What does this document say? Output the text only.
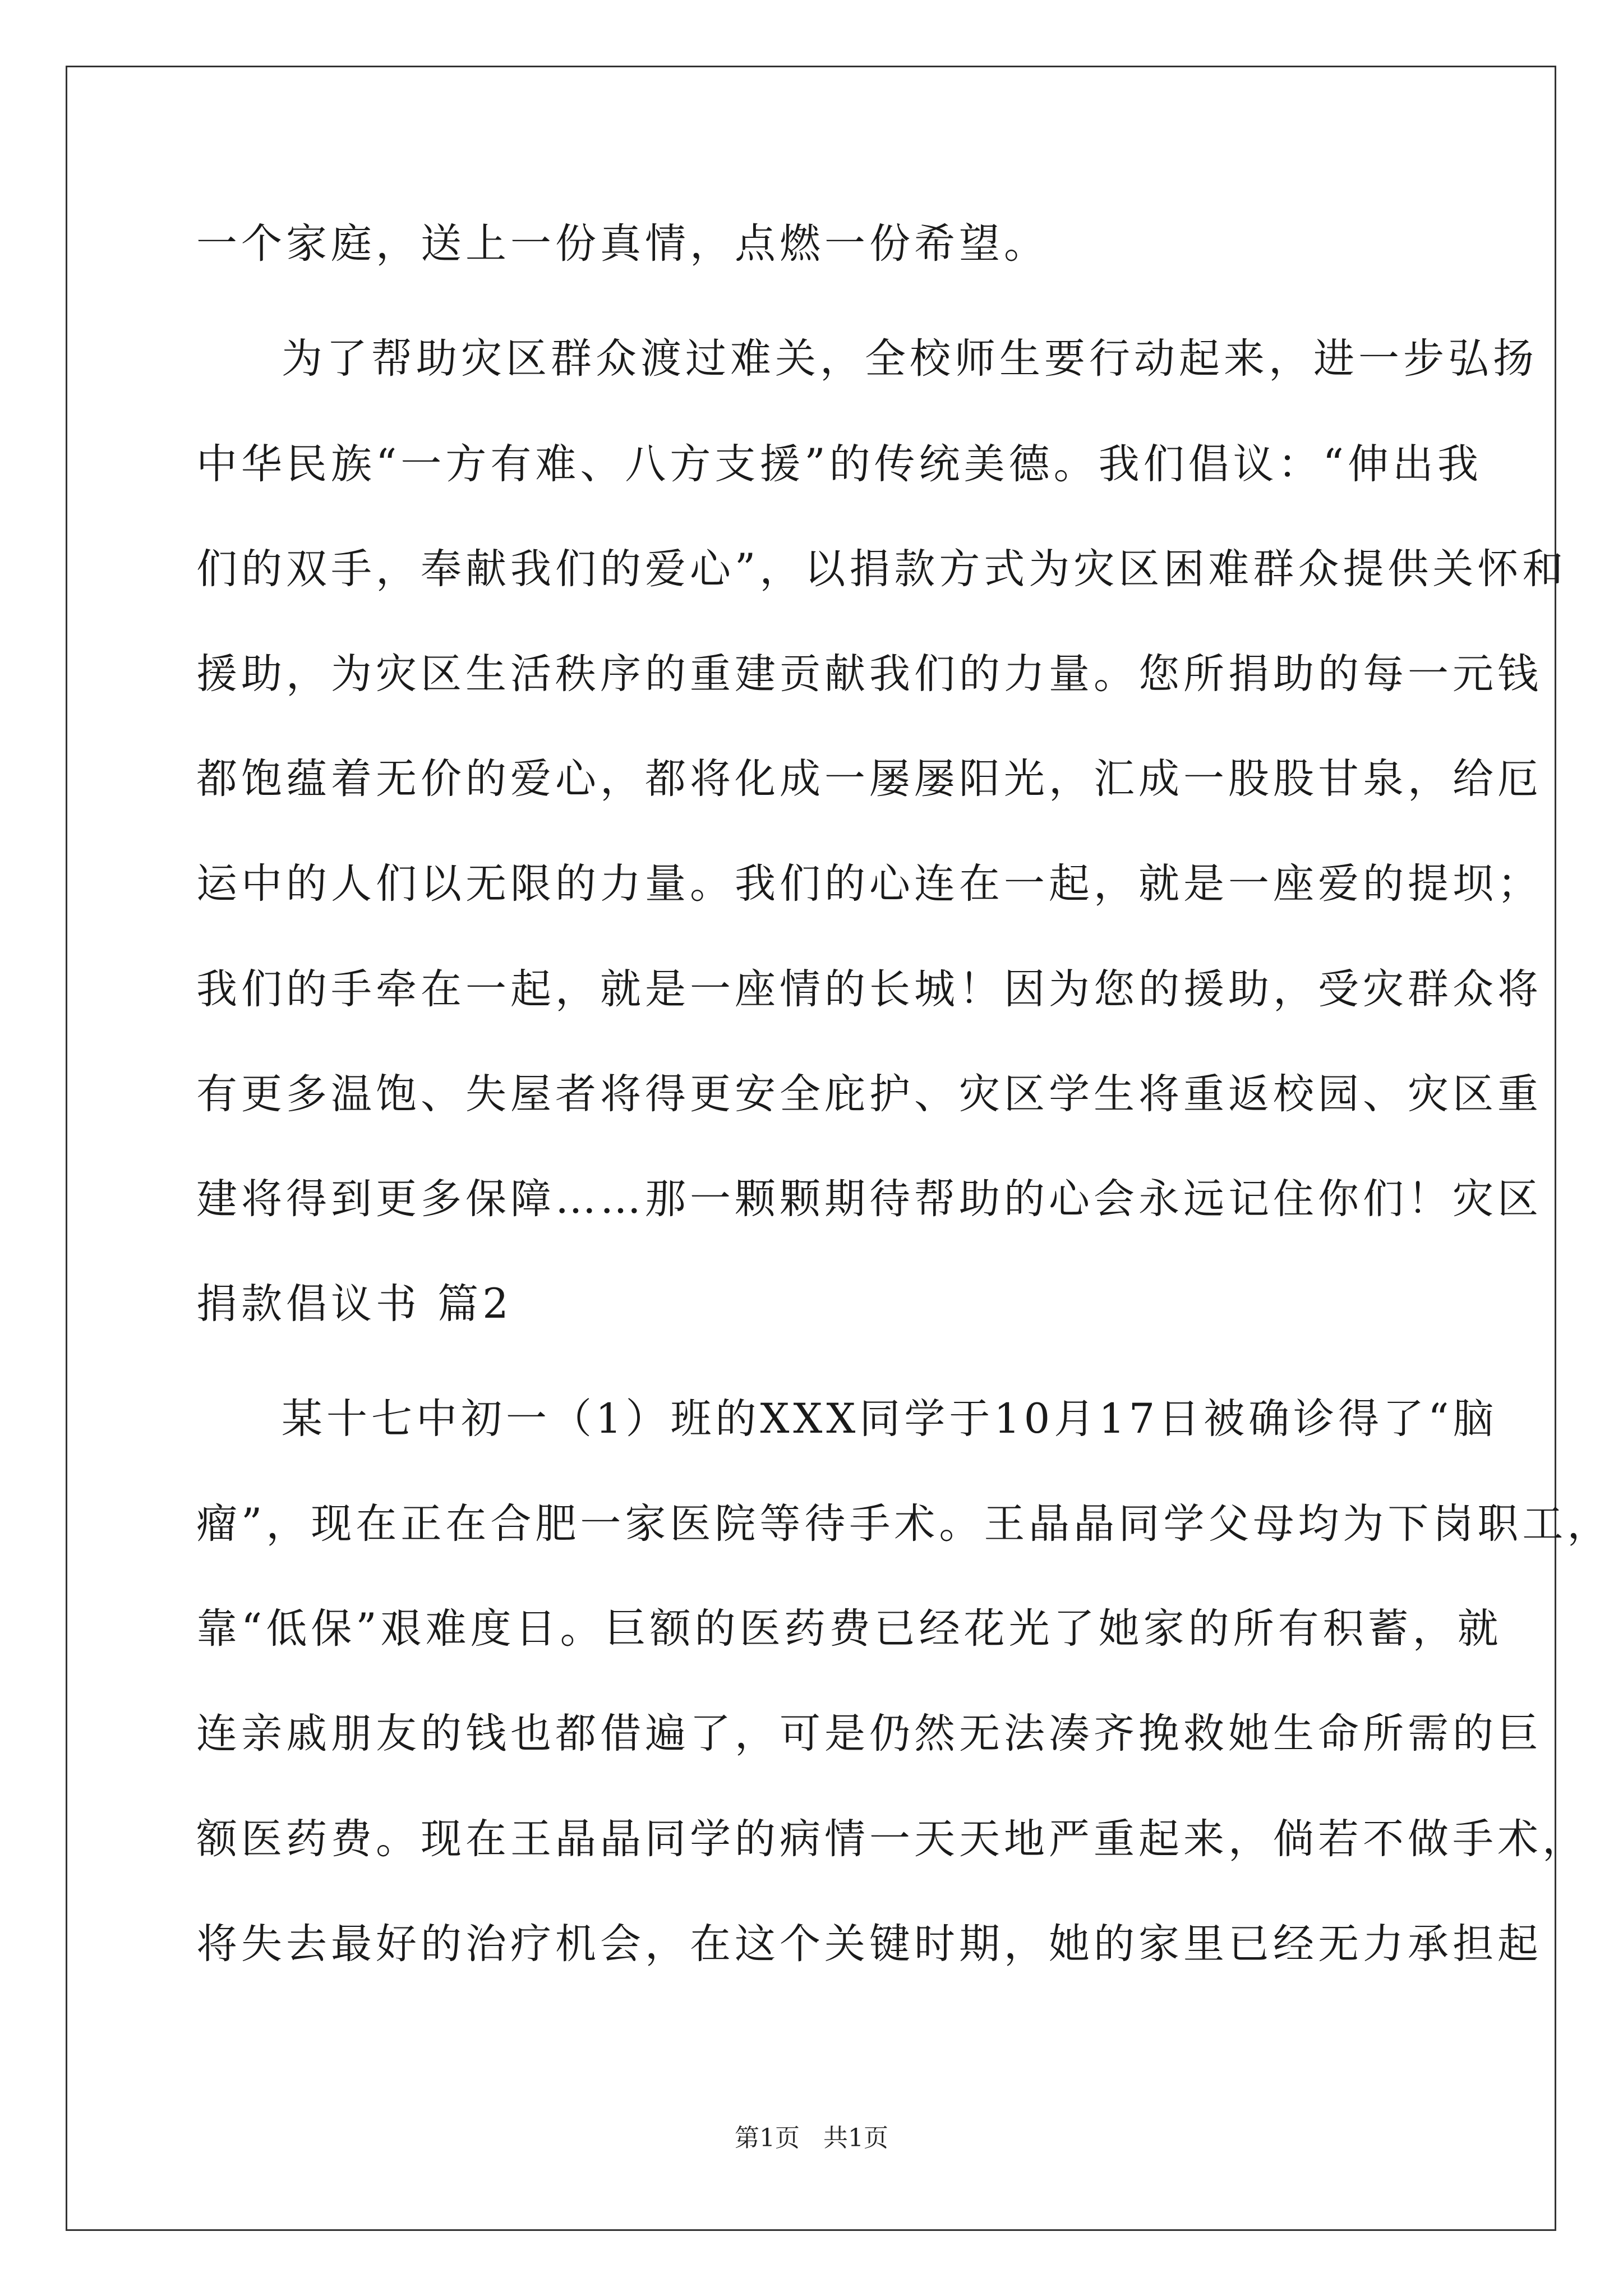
一个家庭，送上一份真情，点燃一份希望。
为了帮助灾区群众渡过难关，全校师生要行动起来，进一步弘扬
中华民族“一方有难、八方支援”的传统美德。我们倡议：“伸出我
们的双手，奉献我们的爱心”，以捐款方式为灾区困难群众提供关怀和
援助，为灾区生活秩序的重建贡献我们的力量。您所捐助的每一元钱
都饱蕴着无价的爱心，都将化成一屡屡阳光，汇成一股股甘泉，给厄
运中的人们以无限的力量。我们的心连在一起，就是一座爱的提坝；
我们的手牵在一起，就是一座情的长城！因为您的援助，受灾群众将
有更多温饱、失屋者将得更安全庇护、灾区学生将重返校园、灾区重
建将得到更多保障……那一颗颗期待帮助的心会永远记住你们！灾区
捐款倡议书 篇2
某十七中初一（1）班的XXX同学于10月17日被确诊得了“脑
瘤”，现在正在合肥一家医院等待手术。王晶晶同学父母均为下岗职工，
靠“低保”艰难度日。巨额的医药费已经花光了她家的所有积蓄，就
连亲戚朋友的钱也都借遍了，可是仍然无法凑齐挽救她生命所需的巨
额医药费。现在王晶晶同学的病情一天天地严重起来，倘若不做手术，
将失去最好的治疗机会，在这个关键时期，她的家里已经无力承担起
第1页   共1页
